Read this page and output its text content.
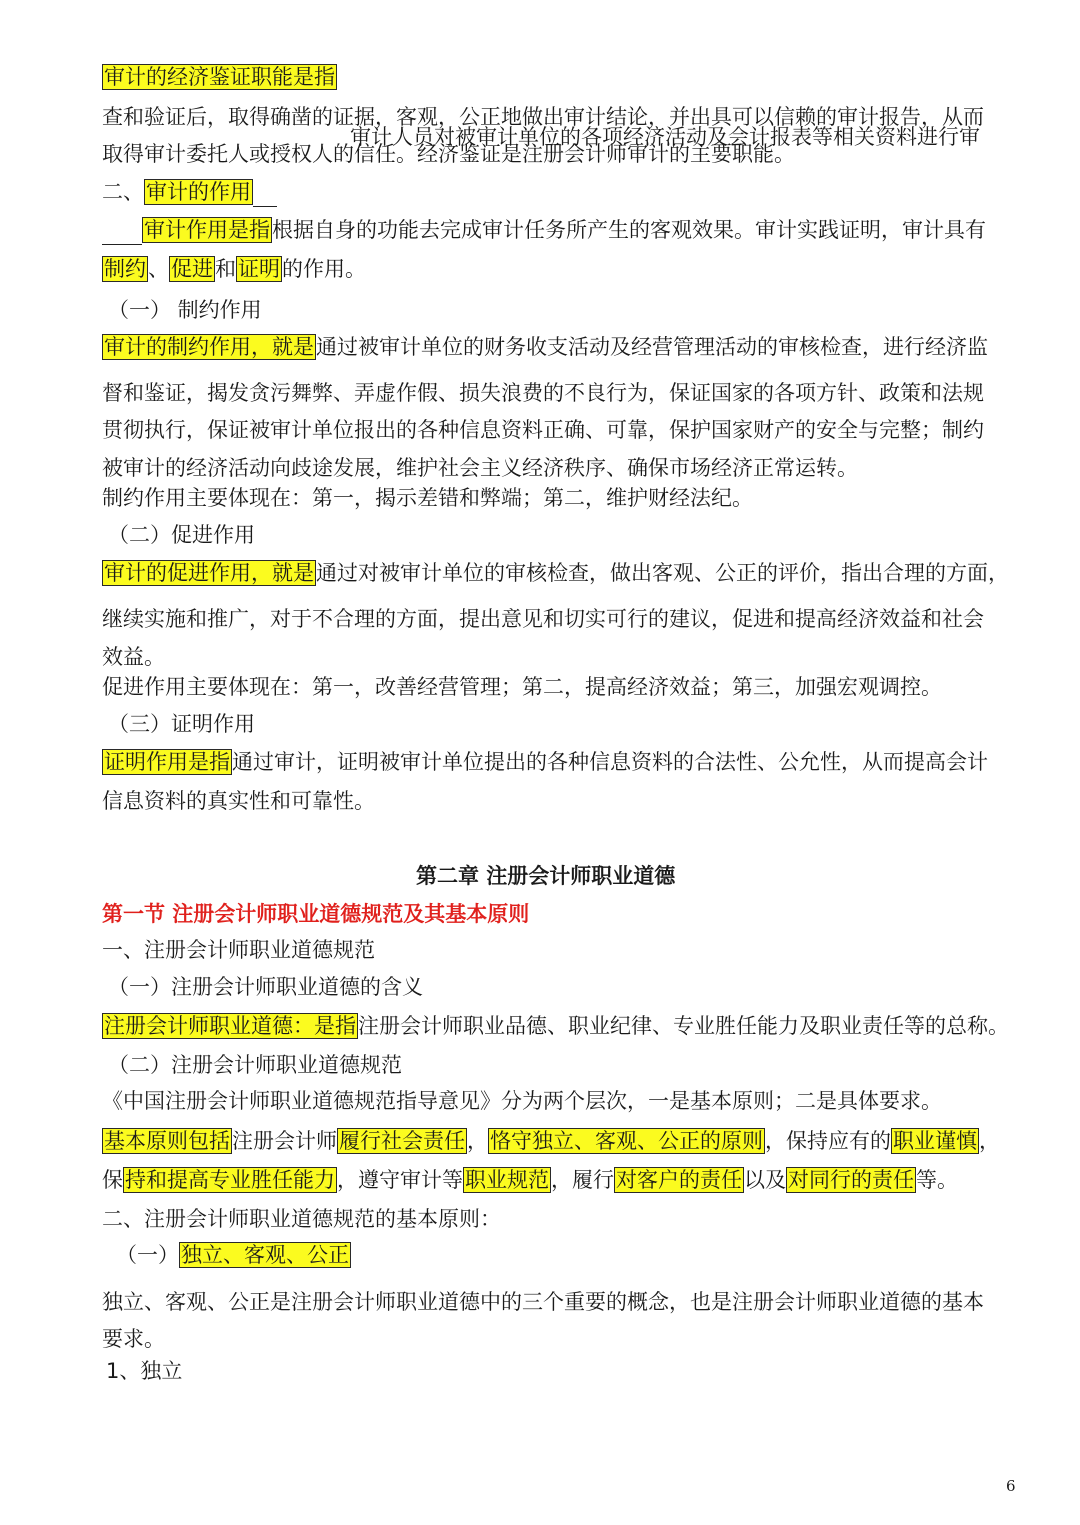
审计的经济鉴证职能是指
查和验证后，取得确凿的证据，客观，公正地做出审计结论，并出具可以信赖的审计报告，从而
审计人员对被审计单位的各项经济活动及会计报表等相关资料进行审
取得审计委托人或授权人的信任。经济鉴证是注册会计师审计的主要职能。
二、审计的作用
审计作用是指根据自身的功能去完成审计任务所产生的客观效果。审计实践证明，审计具有
制约、促进和证明的作用。
（一） 制约作用
审计的制约作用，就是通过被审计单位的财务收支活动及经营管理活动的审核检查，进行经济监
督和鉴证，揭发贪污舞弊、弄虚作假、损失浪费的不良行为，保证国家的各项方针、政策和法规
贯彻执行，保证被审计单位报出的各种信息资料正确、可靠，保护国家财产的安全与完整；制约
被审计的经济活动向歧途发展，维护社会主义经济秩序、确保市场经济正常运转。
制约作用主要体现在：第一，揭示差错和弊端；第二，维护财经法纪。
（二）促进作用
审计的促进作用，就是通过对被审计单位的审核检查，做出客观、公正的评价，指出合理的方面，
继续实施和推广，对于不合理的方面，提出意见和切实可行的建议，促进和提高经济效益和社会
效益。
促进作用主要体现在：第一，改善经营管理；第二，提高经济效益；第三，加强宏观调控。
（三）证明作用
证明作用是指通过审计，证明被审计单位提出的各种信息资料的合法性、公允性，从而提高会计
信息资料的真实性和可靠性。
第二章 注册会计师职业道德
第一节 注册会计师职业道德规范及其基本原则
一、注册会计师职业道德规范
（一）注册会计师职业道德的含义
注册会计师职业道德：是指注册会计师职业品德、职业纪律、专业胜任能力及职业责任等的总称。
（二）注册会计师职业道德规范
《中国注册会计师职业道德规范指导意见》分为两个层次，一是基本原则；二是具体要求。
基本原则包括注册会计师履行社会责任，恪守独立、客观、公正的原则，保持应有的职业谨慎，
保持和提高专业胜任能力，遵守审计等职业规范，履行对客户的责任以及对同行的责任等。
二、注册会计师职业道德规范的基本原则：
（一）独立、客观、公正
独立、客观、公正是注册会计师职业道德中的三个重要的概念，也是注册会计师职业道德的基本
要求。
1、独立
6
